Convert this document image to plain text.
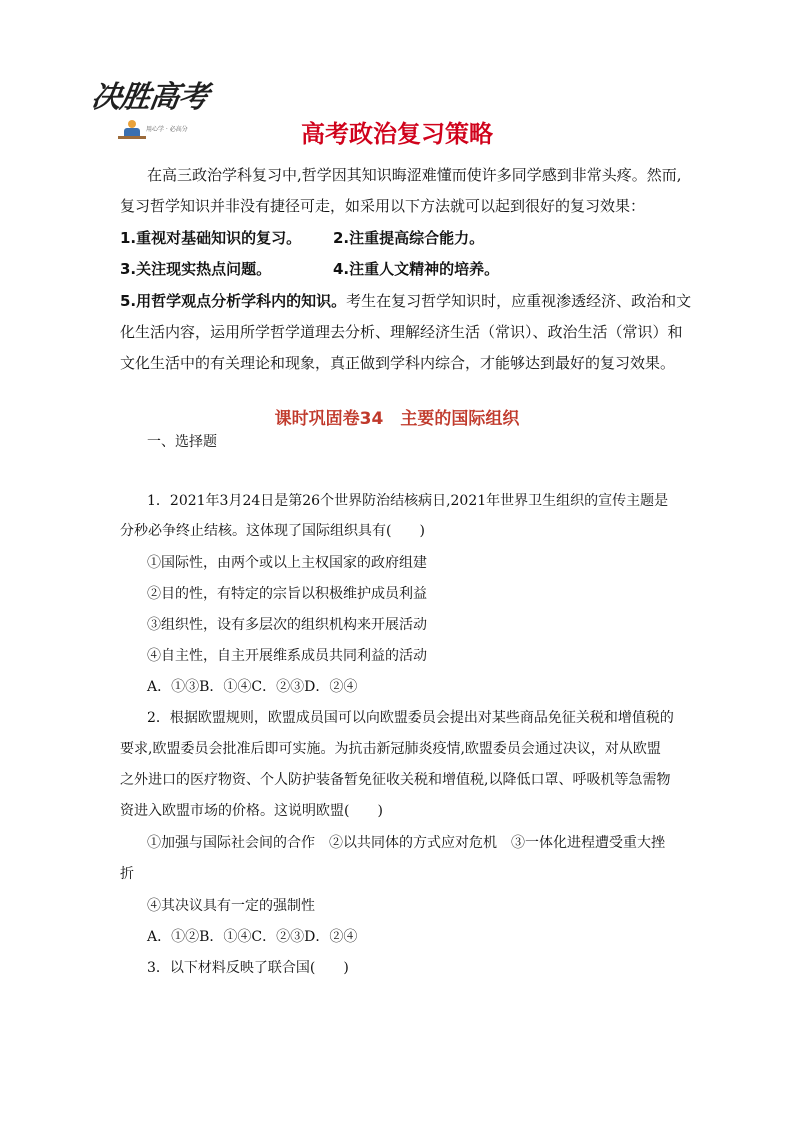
决胜高考
用心学 · 必高分	高考政治复习策略
在高三政治学科复习中,哲学因其知识晦涩难懂而使许多同学感到非常头疼。然而,
复习哲学知识并非没有捷径可走，如采用以下方法就可以起到很好的复习效果：
1.重视对基础知识的复习。 2.注重提高综合能力。
3.关注现实热点问题。	4.注重人文精神的培养。
5.用哲学观点分析学科内的知识。考生在复习哲学知识时，应重视渗透经济、政治和文
化生活内容，运用所学哲学道理去分析、理解经济生活（常识）、政治生活（常识）和
文化生活中的有关理论和现象，真正做到学科内综合，才能够达到最好的复习效果。
课时巩固卷34　主要的国际组织
一、选择题
1．2021年3月24日是第26个世界防治结核病日,2021年世界卫生组织的宣传主题是
分秒必争终止结核。这体现了国际组织具有(　　)
①国际性，由两个或以上主权国家的政府组建
②目的性，有特定的宗旨以积极维护成员利益
③组织性，设有多层次的组织机构来开展活动
④自主性，自主开展维系成员共同利益的活动
A．①③B．①④C．②③D．②④
2．根据欧盟规则，欧盟成员国可以向欧盟委员会提出对某些商品免征关税和增值税的
要求,欧盟委员会批准后即可实施。为抗击新冠肺炎疫情,欧盟委员会通过决议，对从欧盟
之外进口的医疗物资、个人防护装备暂免征收关税和增值税,以降低口罩、呼吸机等急需物
资进入欧盟市场的价格。这说明欧盟(　　)
①加强与国际社会间的合作　②以共同体的方式应对危机　③一体化进程遭受重大挫
折
④其决议具有一定的强制性
A．①②B．①④C．②③D．②④
3．以下材料反映了联合国(　　)
